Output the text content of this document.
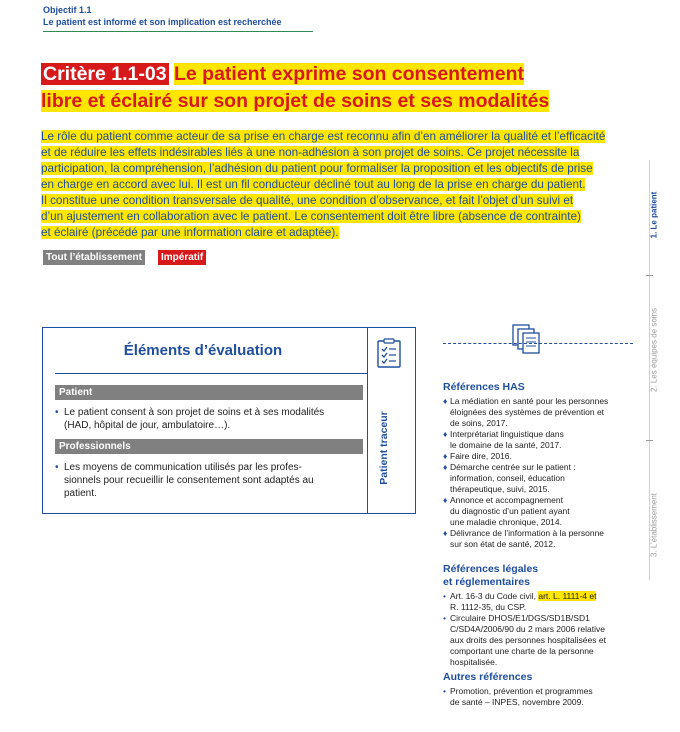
Objectif 1.1
Le patient est informé et son implication est recherchée
Critère 1.1-03 Le patient exprime son consentement
libre et éclairé sur son projet de soins et ses modalités
Le rôle du patient comme acteur de sa prise en charge est reconnu afin d’en améliorer la qualité et l’efficacité
et de réduire les effets indésirables liés à une non-adhésion à son projet de soins. Ce projet nécessite la
participation, la compréhension, l’adhésion du patient pour formaliser la proposition et les objectifs de prise
en charge en accord avec lui. Il est un fil conducteur décliné tout au long de la prise en charge du patient.
Il constitue une condition transversale de qualité, une condition d’observance, et fait l’objet d’un suivi et
d’un ajustement en collaboration avec le patient. Le consentement doit être libre (absence de contrainte)
et éclairé (précédé par une information claire et adaptée).
Tout l’établissement	Impératif
Éléments d’évaluation
Patient traceur
Patient
• Le patient consent à son projet de soins et à ses modalités
(HAD, hôpital de jour, ambulatoire…).
Professionnels
• Les moyens de communication utilisés par les profes-
sionnels pour recueillir le consentement sont adaptés au
patient.
Références HAS
♦ La médiation en santé pour les personnes
éloignées des systèmes de prévention et
de soins, 2017.
♦ Interprétariat linguistique dans
le domaine de la santé, 2017.
♦ Faire dire, 2016.
♦ Démarche centrée sur le patient :
information, conseil, éducation
thérapeutique, suivi, 2015.
♦ Annonce et accompagnement
du diagnostic d’un patient ayant
une maladie chronique, 2014.
♦ Délivrance de l’information à la personne
sur son état de santé, 2012.
Références légales
et réglementaires
• Art. 16-3 du Code civil, art. L. 1111-4 et
R. 1112-35, du CSP.
• Circulaire DHOS/E1/DGS/SD1B/SD1
C/SD4A/2006/90 du 2 mars 2006 relative
aux droits des personnes hospitalisées et
comportant une charte de la personne
hospitalisée.
Autres références
• Promotion, prévention et programmes
de santé – INPES, novembre 2009.
1. Le patient
2. Les équipes de soins
3. L’établissement
